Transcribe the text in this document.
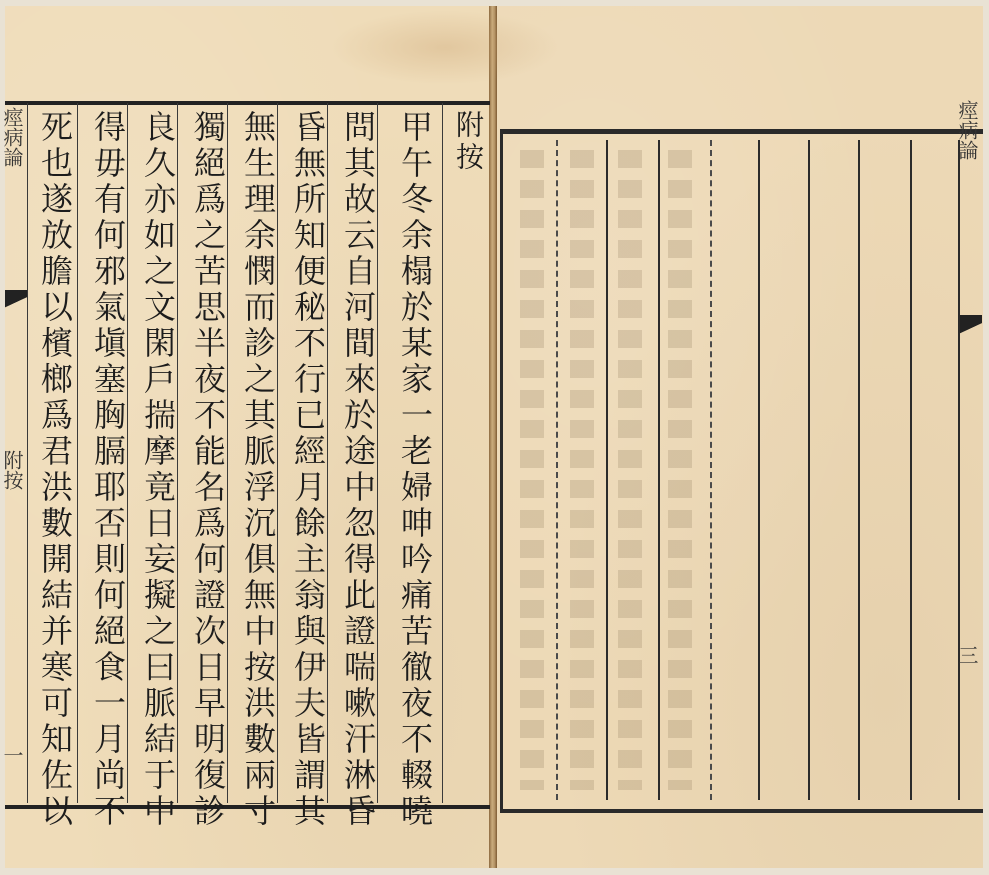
痙病論
附按
一
附按
甲午冬余榻於某家一老婦呻吟痛苦徹夜不輟曉
問其故云自河間來於途中忽得此證喘嗽汗淋昏
昏無所知便秘不行已經月餘主翁與伊夫皆謂其
無生理余憫而診之其脈浮沉俱無中按洪數兩寸
獨絕爲之苦思半夜不能名爲何證次日早明復診
良久亦如之文閑戶揣摩竟日妄擬之曰脈結于中
得毋有何邪氣塡塞胸膈耶否則何絕食一月尚不
死也遂放膽以檳榔爲君洪數開結并寒可知佐以	痙病論
三
